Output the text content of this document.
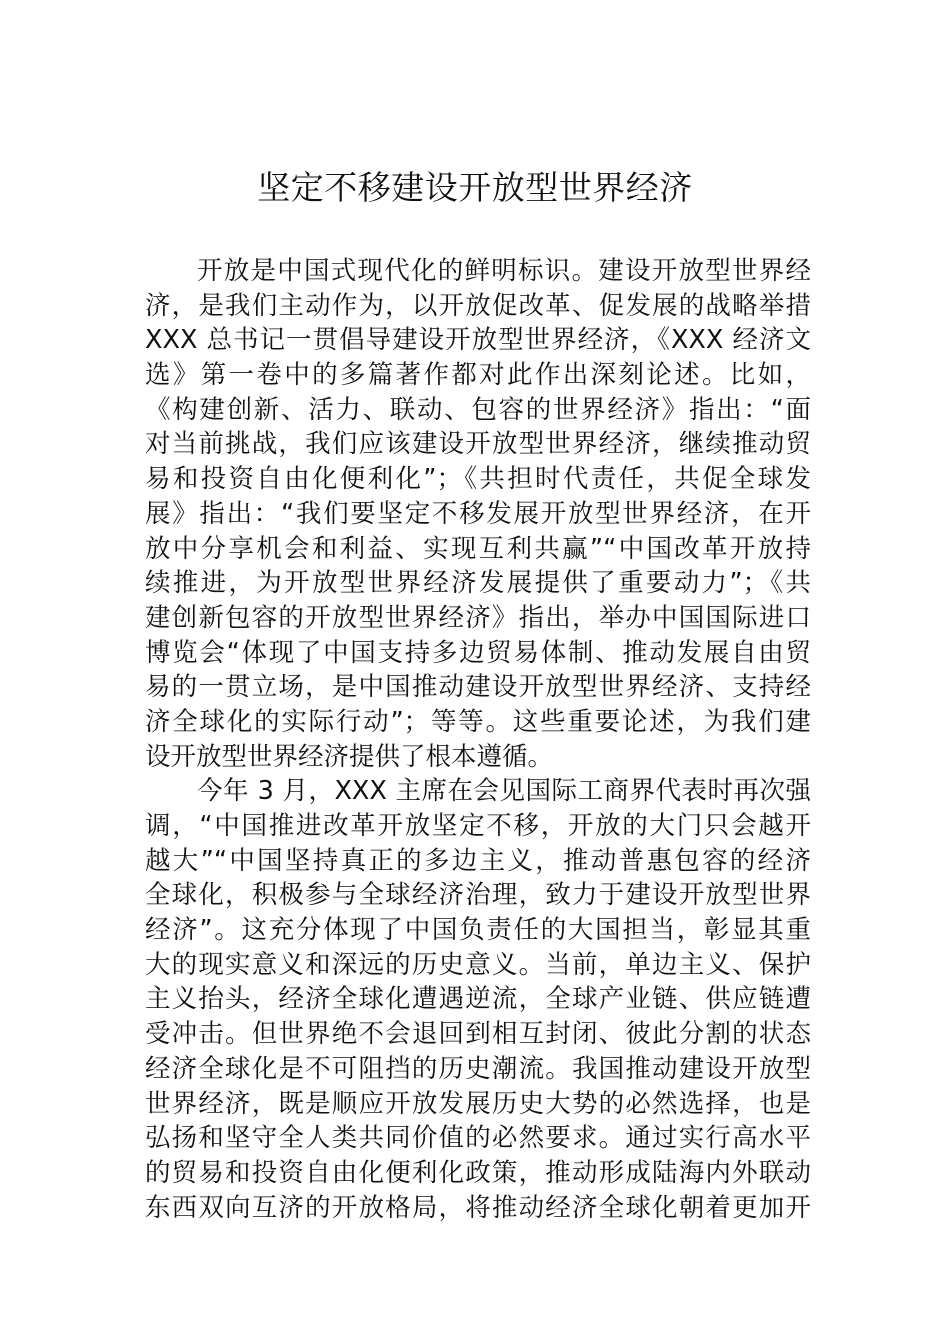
坚定不移建设开放型世界经济
开放是中国式现代化的鲜明标识。建设开放型世界经
济，是我们主动作为，以开放促改革、促发展的战略举措
XXX 总书记一贯倡导建设开放型世界经济，《XXX 经济文
选》第一卷中的多篇著作都对此作出深刻论述。比如，
《构建创新、活力、联动、包容的世界经济》指出：“面
对当前挑战，我们应该建设开放型世界经济，继续推动贸
易和投资自由化便利化”；《共担时代责任，共促全球发
展》指出：“我们要坚定不移发展开放型世界经济，在开
放中分享机会和利益、实现互利共赢”“中国改革开放持
续推进，为开放型世界经济发展提供了重要动力”；《共
建创新包容的开放型世界经济》指出，举办中国国际进口
博览会“体现了中国支持多边贸易体制、推动发展自由贸
易的一贯立场，是中国推动建设开放型世界经济、支持经
济全球化的实际行动”；等等。这些重要论述，为我们建
设开放型世界经济提供了根本遵循。
今年 3 月，XXX 主席在会见国际工商界代表时再次强
调，“中国推进改革开放坚定不移，开放的大门只会越开
越大”“中国坚持真正的多边主义，推动普惠包容的经济
全球化，积极参与全球经济治理，致力于建设开放型世界
经济”。这充分体现了中国负责任的大国担当，彰显其重
大的现实意义和深远的历史意义。当前，单边主义、保护
主义抬头，经济全球化遭遇逆流，全球产业链、供应链遭
受冲击。但世界绝不会退回到相互封闭、彼此分割的状态
经济全球化是不可阻挡的历史潮流。我国推动建设开放型
世界经济，既是顺应开放发展历史大势的必然选择，也是
弘扬和坚守全人类共同价值的必然要求。通过实行高水平
的贸易和投资自由化便利化政策，推动形成陆海内外联动
东西双向互济的开放格局，将推动经济全球化朝着更加开
